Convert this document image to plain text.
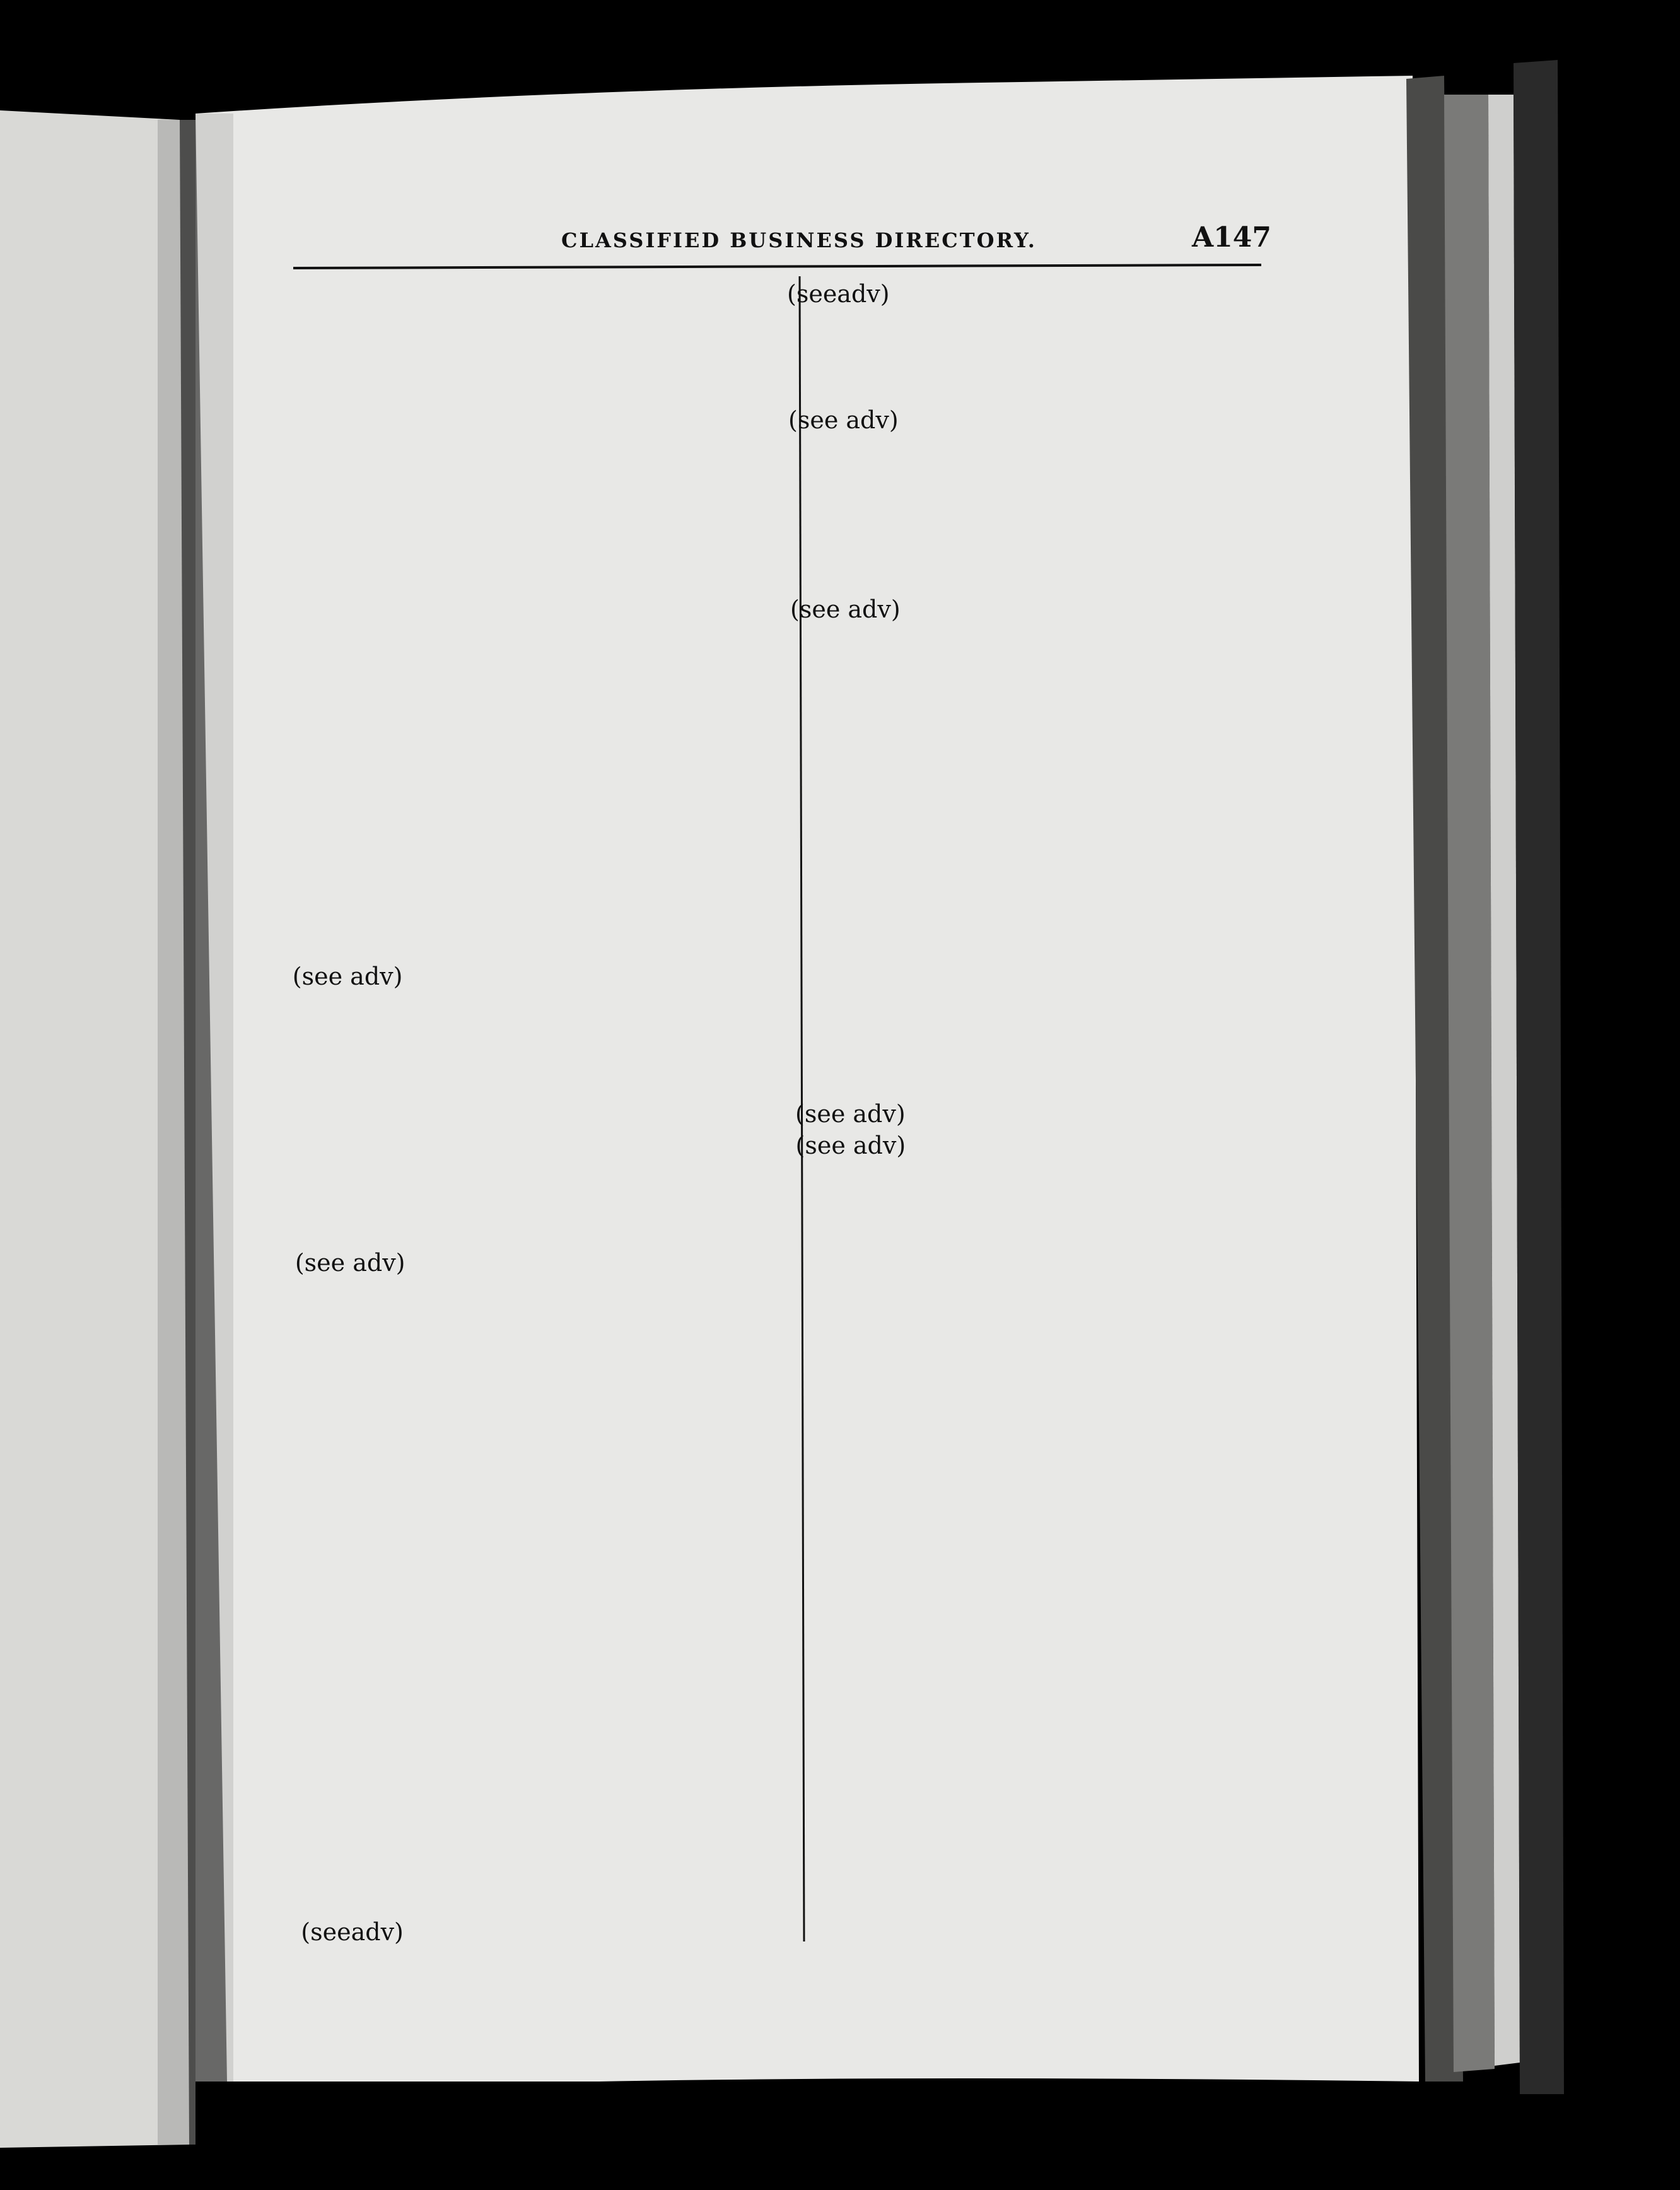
CLASSIFIED BUSINESS DIRECTORY.	A147
(see adv)
(see adv)
(seeadv)
(seeadv)
(see adv)
(see adv)
(see adv)
(see adv)
